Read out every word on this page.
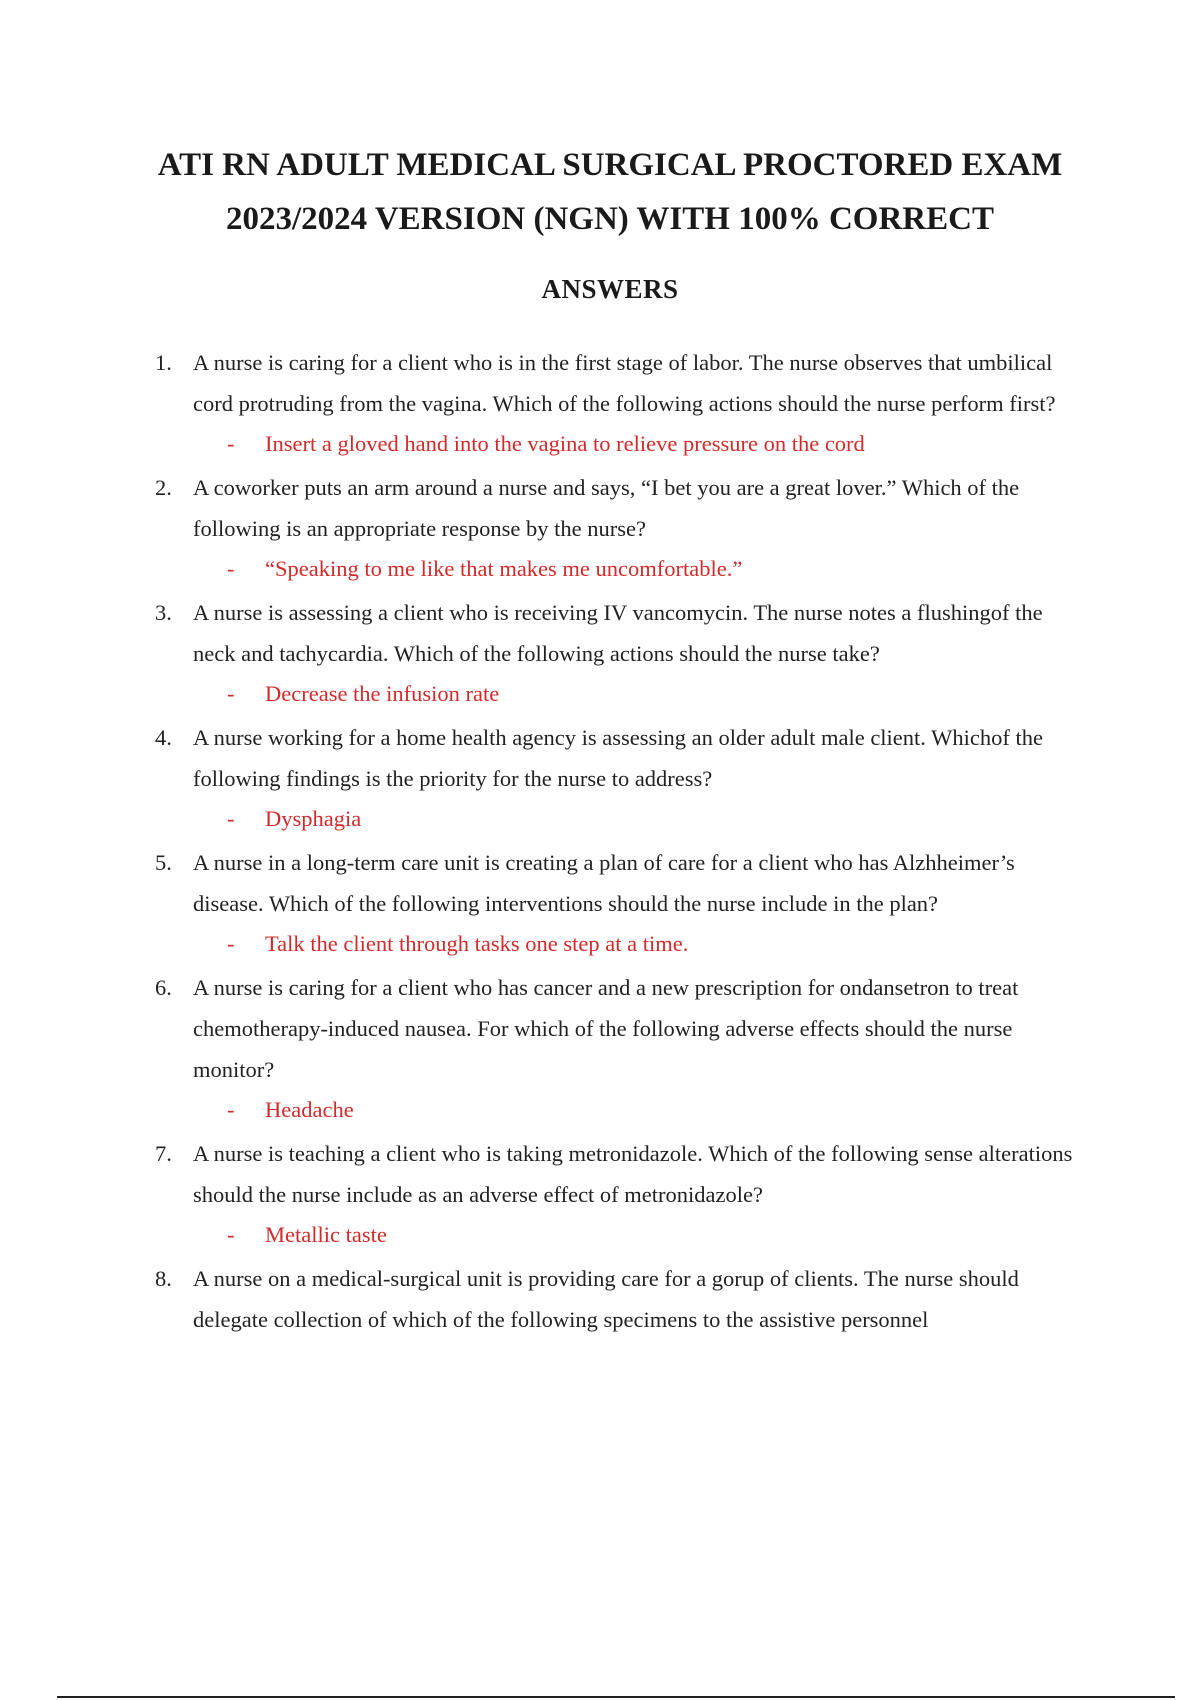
ATI RN ADULT MEDICAL SURGICAL PROCTORED EXAM
2023/2024 VERSION (NGN) WITH 100% CORRECT
ANSWERS
1. A nurse is caring for a client who is in the first stage of labor. The nurse observes that umbilical cord protruding from the vagina. Which of the following actions should the nurse perform first?

- Insert a gloved hand into the vagina to relieve pressure on the cord

2. A coworker puts an arm around a nurse and says, “I bet you are a great lover.” Which of the following is an appropriate response by the nurse?

- “Speaking to me like that makes me uncomfortable.”

3. A nurse is assessing a client who is receiving IV vancomycin. The nurse notes a flushingof the neck and tachycardia. Which of the following actions should the nurse take?

- Decrease the infusion rate

4. A nurse working for a home health agency is assessing an older adult male client. Whichof the following findings is the priority for the nurse to address?

- Dysphagia

5. A nurse in a long-term care unit is creating a plan of care for a client who has Alzhheimer’s disease. Which of the following interventions should the nurse include in the plan?

- Talk the client through tasks one step at a time.

6. A nurse is caring for a client who has cancer and a new prescription for ondansetron to treat chemotherapy-induced nausea. For which of the following adverse effects should the nurse monitor?

- Headache

7. A nurse is teaching a client who is taking metronidazole. Which of the following sense alterations should the nurse include as an adverse effect of metronidazole?

- Metallic taste

8. A nurse on a medical-surgical unit is providing care for a gorup of clients. The nurse should delegate collection of which of the following specimens to the assistive personnel
